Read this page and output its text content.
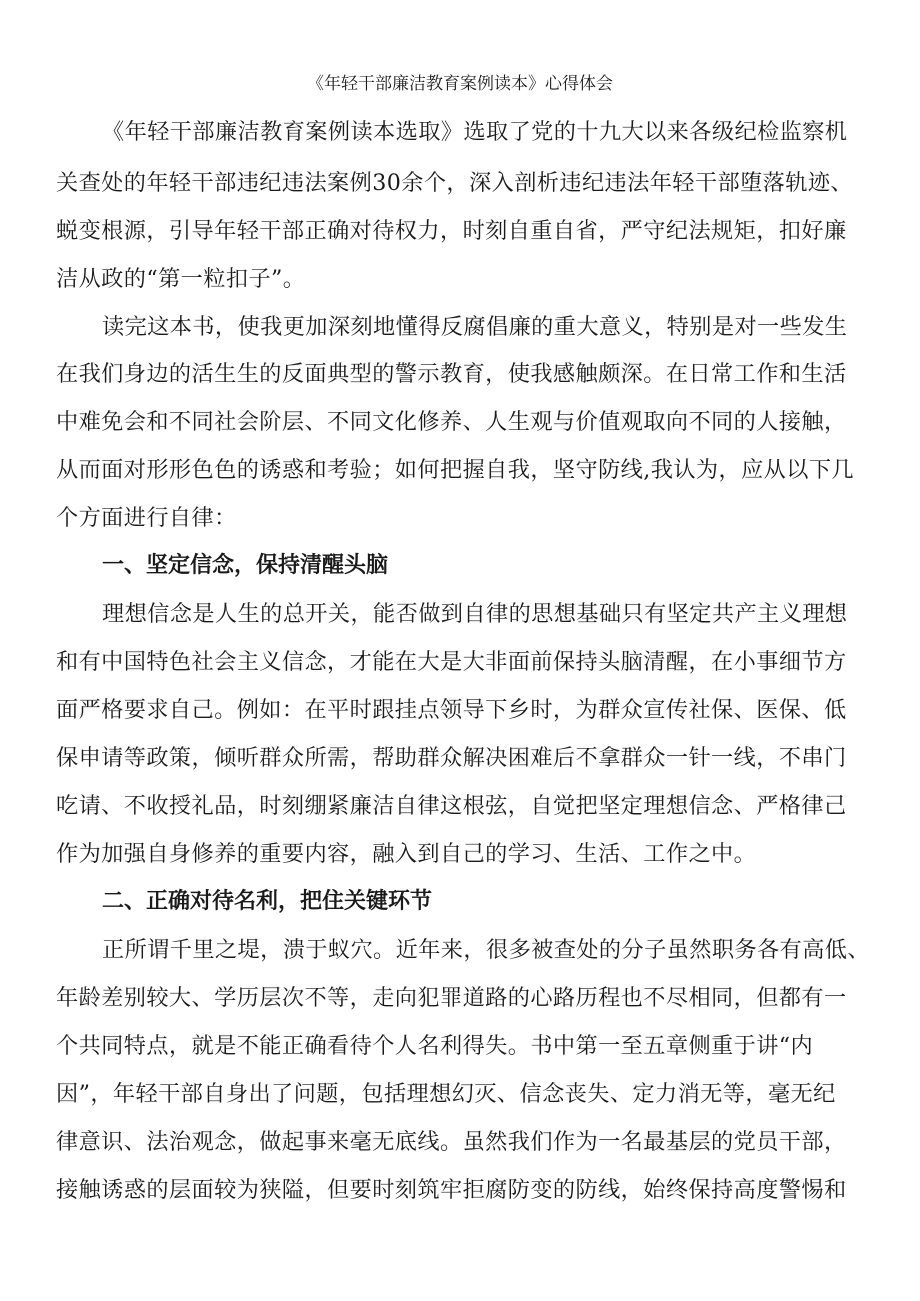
《年轻干部廉洁教育案例读本》心得体会

《年轻干部廉洁教育案例读本选取》选取了党的十九大以来各级纪检监察机

关查处的年轻干部违纪违法案例30余个，深入剖析违纪违法年轻干部堕落轨迹、

蜕变根源，引导年轻干部正确对待权力，时刻自重自省，严守纪法规矩，扣好廉

洁从政的“第一粒扣子”。

读完这本书，使我更加深刻地懂得反腐倡廉的重大意义，特别是对一些发生

在我们身边的活生生的反面典型的警示教育，使我感触颇深。在日常工作和生活

中难免会和不同社会阶层、不同文化修养、人生观与价值观取向不同的人接触，

从而面对形形色色的诱惑和考验；如何把握自我，坚守防线,我认为，应从以下几

个方面进行自律：

一、坚定信念，保持清醒头脑

理想信念是人生的总开关，能否做到自律的思想基础只有坚定共产主义理想

和有中国特色社会主义信念，才能在大是大非面前保持头脑清醒，在小事细节方

面严格要求自己。例如：在平时跟挂点领导下乡时，为群众宣传社保、医保、低

保申请等政策，倾听群众所需，帮助群众解决困难后不拿群众一针一线，不串门

吃请、不收授礼品，时刻绷紧廉洁自律这根弦，自觉把坚定理想信念、严格律己

作为加强自身修养的重要内容，融入到自己的学习、生活、工作之中。

二、正确对待名利，把住关键环节

正所谓千里之堤，溃于蚁穴。近年来，很多被查处的分子虽然职务各有高低、

年龄差别较大、学历层次不等，走向犯罪道路的心路历程也不尽相同，但都有一

个共同特点，就是不能正确看待个人名利得失。书中第一至五章侧重于讲“内

因”，年轻干部自身出了问题，包括理想幻灭、信念丧失、定力消无等，毫无纪

律意识、法治观念，做起事来毫无底线。虽然我们作为一名最基层的党员干部，

接触诱惑的层面较为狭隘，但要时刻筑牢拒腐防变的防线，始终保持高度警惕和
